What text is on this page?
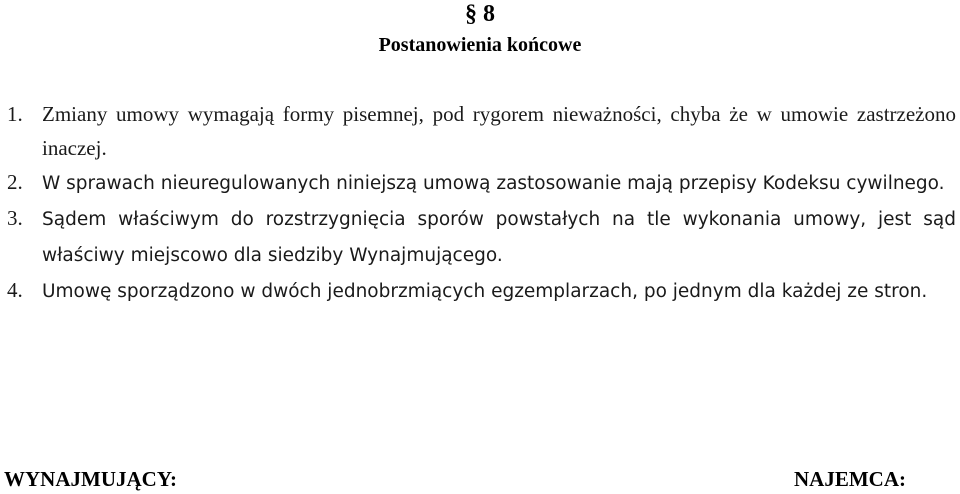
§ 8
Postanowienia końcowe
1. Zmiany umowy wymagają formy pisemnej, pod rygorem nieważności, chyba że w umowie zastrzeżono inaczej.
2. W sprawach nieuregulowanych niniejszą umową zastosowanie mają przepisy Kodeksu cywilnego.
3. Sądem właściwym do rozstrzygnięcia sporów powstałych na tle wykonania umowy, jest sąd właściwy miejscowo dla siedziby Wynajmującego.
4. Umowę sporządzono w dwóch jednobrzmiących egzemplarzach, po jednym dla każdej ze stron.
WYNAJMUJĄCY:	NAJEMCA:
